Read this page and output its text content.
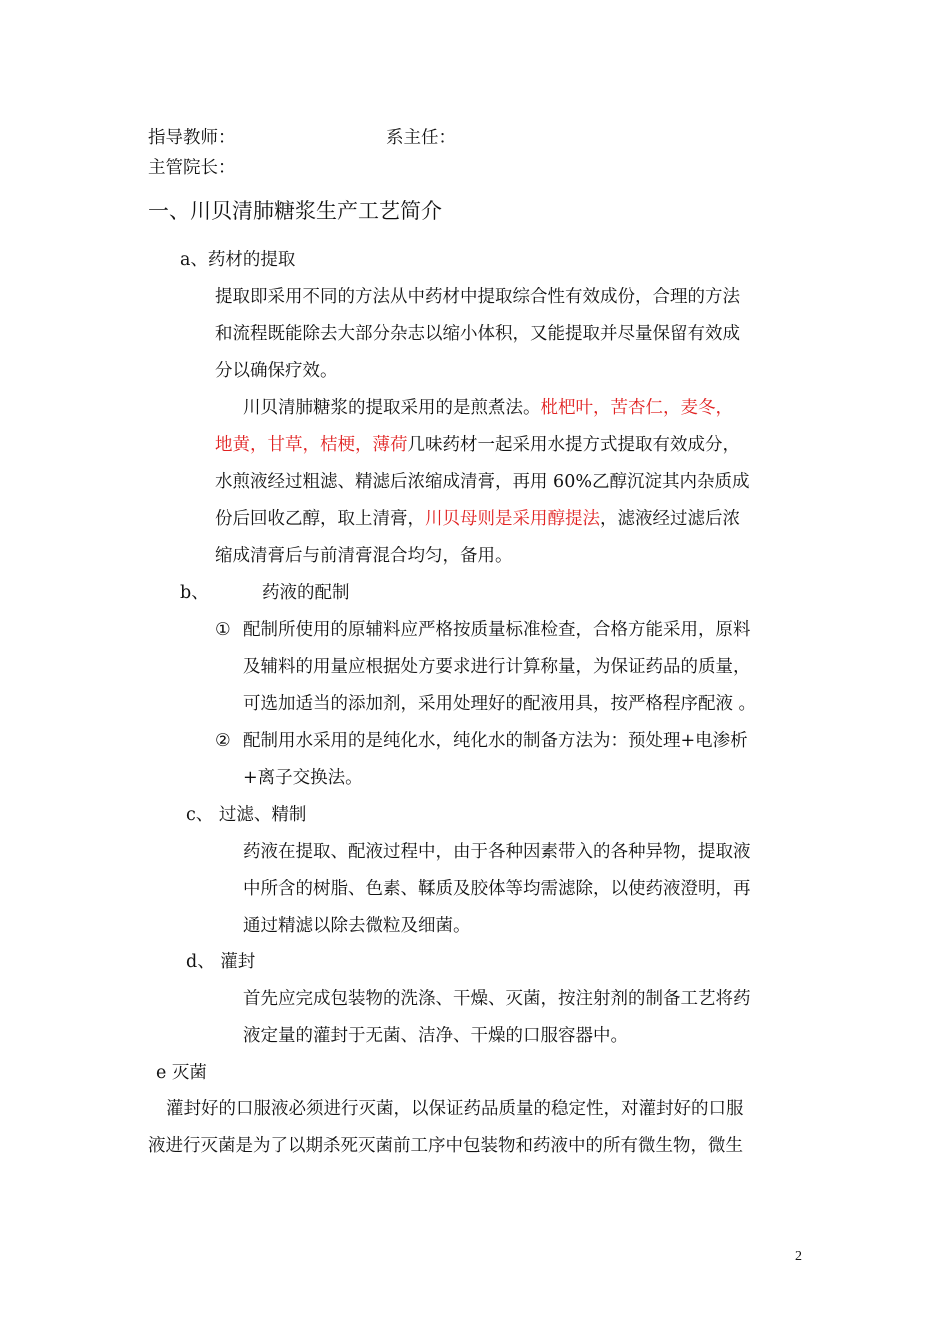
指导教师：	系主任：
主管院长：
一、川贝清肺糖浆生产工艺简介
a、药材的提取
提取即采用不同的方法从中药材中提取综合性有效成份，合理的方法
和流程既能除去大部分杂志以缩小体积，又能提取并尽量保留有效成
分以确保疗效。
川贝清肺糖浆的提取采用的是煎煮法。枇杷叶，苦杏仁，麦冬，
地黄，甘草，桔梗，薄荷几味药材一起采用水提方式提取有效成分，
水煎液经过粗滤、精滤后浓缩成清膏，再用 60%乙醇沉淀其内杂质成
份后回收乙醇，取上清膏，川贝母则是采用醇提法，滤液经过滤后浓
缩成清膏后与前清膏混合均匀，备用。
b、	药液的配制
① 配制所使用的原辅料应严格按质量标准检查，合格方能采用，原料
及辅料的用量应根据处方要求进行计算称量，为保证药品的质量，
可选加适当的添加剂，采用处理好的配液用具，按严格程序配液 。
② 配制用水采用的是纯化水，纯化水的制备方法为：预处理+电渗析
+离子交换法。
c、 过滤、精制
药液在提取、配液过程中，由于各种因素带入的各种异物，提取液
中所含的树脂、色素、鞣质及胶体等均需滤除，以使药液澄明，再
通过精滤以除去微粒及细菌。
d、 灌封
首先应完成包装物的洗涤、干燥、灭菌，按注射剂的制备工艺将药
液定量的灌封于无菌、洁净、干燥的口服容器中。
e 灭菌
灌封好的口服液必须进行灭菌，以保证药品质量的稳定性，对灌封好的口服
液进行灭菌是为了以期杀死灭菌前工序中包装物和药液中的所有微生物，微生
2
